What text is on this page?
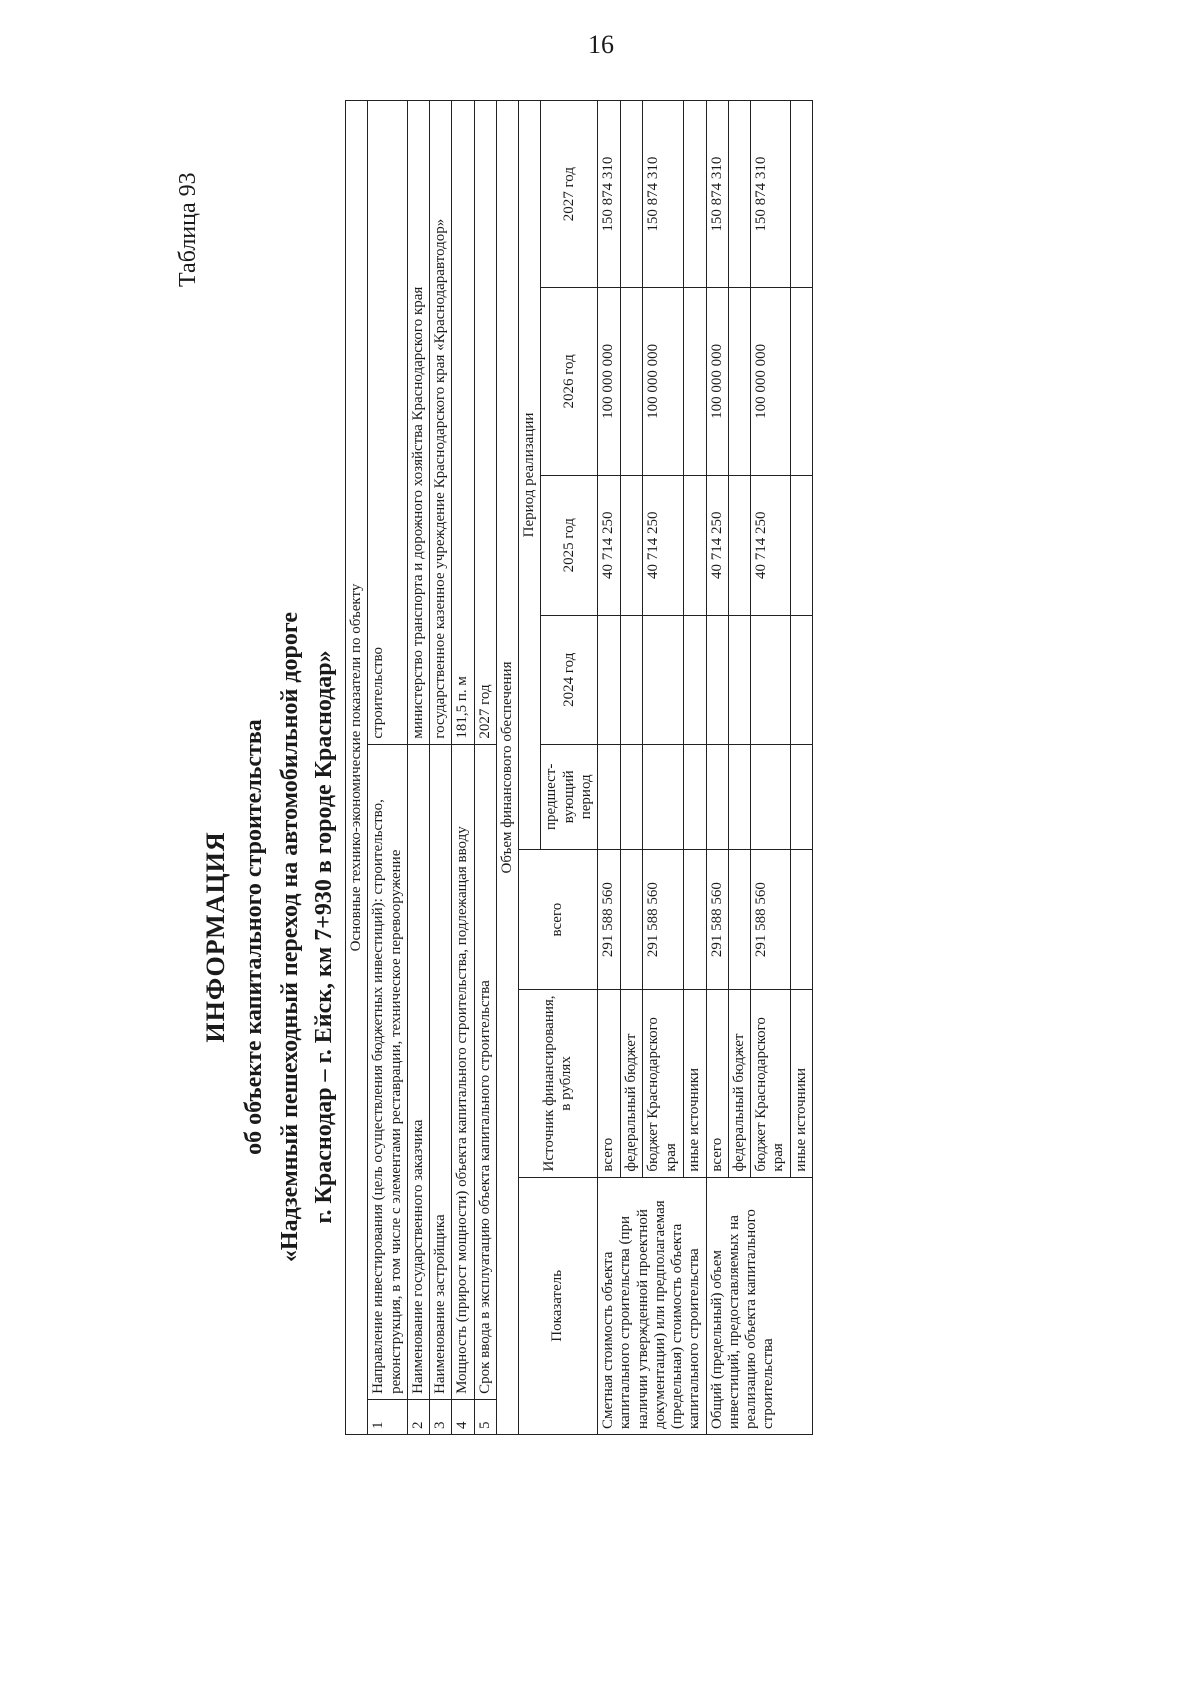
16
Таблица 93
ИНФОРМАЦИЯ об объекте капитального строительства «Надземный пешеходный переход на автомобильной дороге г. Краснодар – г. Ейск, км 7+930 в городе Краснодар» Основные технико-экономические показатели по объекту								
1	Направление инвестирования (цель осуществления бюджетных инвестиций): строительство, реконструкция, в том числе с элементами реставрации, техническое перевооружение				строительство			
2	Наименование государственного заказчика				министерство транспорта и дорожного хозяйства Краснодарского края			
3	Наименование застройщика				государственное казенное учреждение Краснодарского края «Краснодаравтодор»			
4	Мощность (прирост мощности) объекта капитального строительства, подлежащая вводу				181,5 п. м			
5	Срок ввода в эксплуатацию объекта капитального строительства				2027 год			
Объем финансового обеспечения								
Показатель		Источник финансирования, в рублях	всего	Период реализации				
				предшест-вующий период	2024 год	2025 год	2026 год	2027 год
Сметная стоимость объекта капитального строительства (при наличии утвержденной проектной документации) или предполагаемая (предельная) стоимость объекта капитального строительства		всего	291 588 560			40 714 250	100 000 000	150 874 310
		федеральный бюджет						
		бюджет Краснодарского края	291 588 560			40 714 250	100 000 000	150 874 310
		иные источники						
Общий (предельный) объем инвестиций, предоставляемых на реализацию объекта капитального строительства		всего	291 588 560			40 714 250	100 000 000	150 874 310
		федеральный бюджет						
		бюджет Краснодарского края	291 588 560			40 714 250	100 000 000	150 874 310
		иные источники						
